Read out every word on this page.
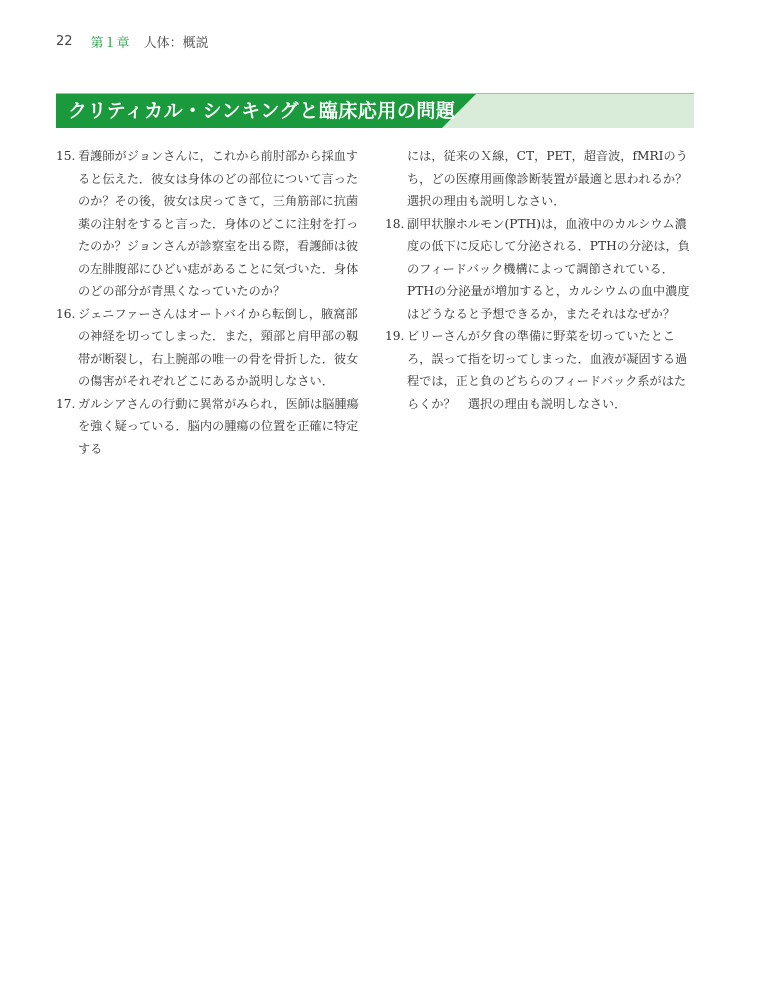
22 第１章 人体：概説
クリティカル・シンキングと臨床応用の問題
15. 看護師がジョンさんに，これから前肘部から採血すると伝えた．彼女は身体のどの部位について言ったのか？その後，彼女は戻ってきて，三角筋部に抗菌薬の注射をすると言った．身体のどこに注射を打ったのか？ジョンさんが診察室を出る際，看護師は彼の左腓腹部にひどい痣があることに気づいた．身体のどの部分が青黒くなっていたのか？
16. ジェニファーさんはオートバイから転倒し，腋窩部の神経を切ってしまった．また，頸部と肩甲部の靱帯が断裂し，右上腕部の唯一の骨を骨折した．彼女の傷害がそれぞれどこにあるか説明しなさい．
17. ガルシアさんの行動に異常がみられ，医師は脳腫瘍を強く疑っている．脳内の腫瘍の位置を正確に特定する
には，従来のＸ線，CT，PET，超音波，fMRIのうち，どの医療用画像診断装置が最適と思われるか？選択の理由も説明しなさい．
18. 副甲状腺ホルモン(PTH)は，血液中のカルシウム濃度の低下に反応して分泌される．PTHの分泌は，負のフィードバック機構によって調節されている．PTHの分泌量が増加すると，カルシウムの血中濃度はどうなると予想できるか，またそれはなぜか？
19. ビリーさんが夕食の準備に野菜を切っていたところ，誤って指を切ってしまった．血液が凝固する過程では，正と負のどちらのフィードバック系がはたらくか？　選択の理由も説明しなさい．
